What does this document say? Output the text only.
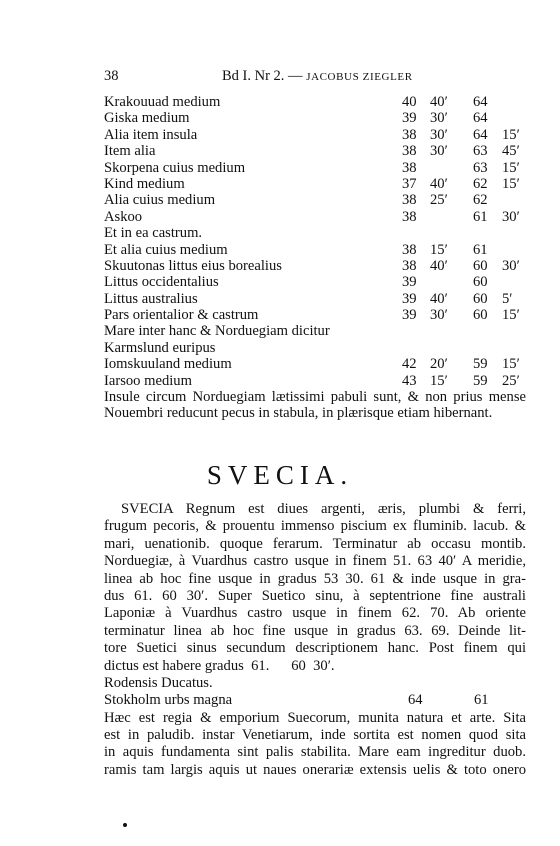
38	Bd I. Nr 2. — JACOBUS ZIEGLER
Krakouuad medium	40 40′ 64
Giska medium	39 30′ 64
Alia item insula	38 30′ 64 15′
Item alia	38 30′ 63 45′
Skorpena cuius medium	38	63 15′
Kind medium	37 40′ 62 15′
Alia cuius medium	38 25′ 62
Askoo	38	61 30′
Et in ea castrum.
Et alia cuius medium	38 15′ 61
Skuutonas littus eius borealius	38 40′ 60 30′
Littus occidentalius	39	60
Littus australius	39 40′ 60 5′
Pars orientalior & castrum	39 30′ 60 15′
Mare inter hanc & Norduegiam dicitur
Karmslund euripus
Iomskuuland medium	42 20′ 59 15′
Iarsoo medium	43 15′ 59 25′
Insule circum Norduegiam lætissimi pabuli sunt, & non prius mense
Nouembri reducunt pecus in stabula, in plærisque etiam hibernant.
SVECIA.
SVECIA Regnum est diues argenti, æris, plumbi & ferri,
frugum pecoris, & prouentu immenso piscium ex fluminib. lacub. &
mari, uenationib. quoque ferarum. Terminatur ab occasu montib.
Norduegiæ, à Vuardhus castro usque in finem 51. 63 40′ A meridie,
linea ab hoc fine usque in gradus 53 30. 61 & inde usque in gra-
dus 61. 60 30′. Super Suetico sinu, à septentrione fine australi
Laponiæ à Vuardhus castro usque in finem 62. 70. Ab oriente
terminatur linea ab hoc fine usque in gradus 63. 69. Deinde lit-
tore Suetici sinus secundum descriptionem hanc. Post finem qui
dictus est habere gradus  61.      60  30′.
Rodensis Ducatus.
Stokholm urbs magna	64	61
Hæc est regia & emporium Suecorum, munita natura et arte. Sita
est in paludib. instar Venetiarum, inde sortita est nomen quod sita
in aquis fundamenta sint palis stabilita. Mare eam ingreditur duob.
ramis tam largis aquis ut naues onerariæ extensis uelis & toto onero
